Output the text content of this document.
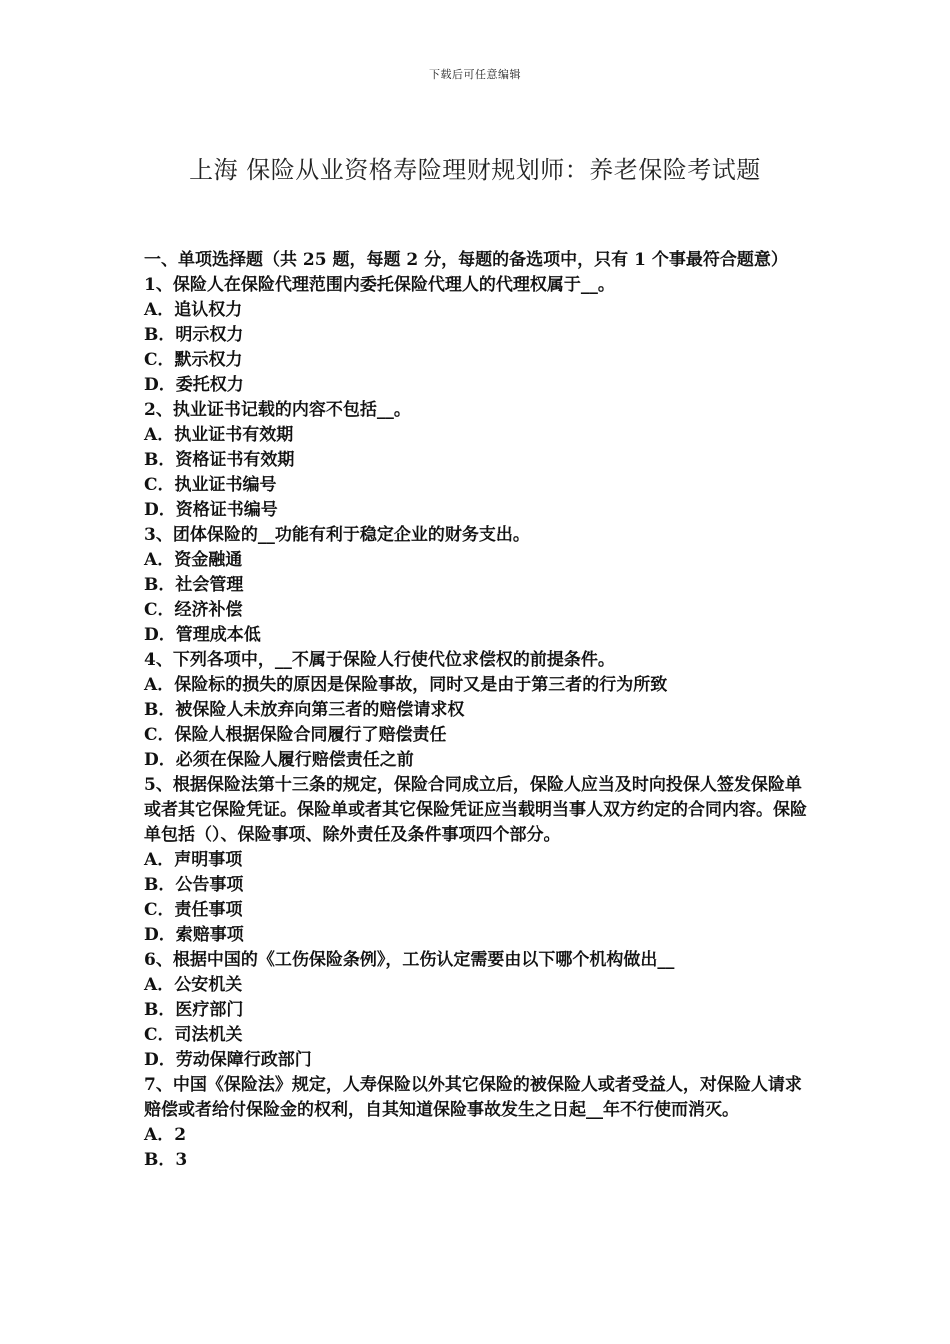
下载后可任意编辑
上海 保险从业资格寿险理财规划师：养老保险考试题

一、单项选择题（共 25 题，每题 2 分，每题的备选项中，只有 1 个事最符合题意）

1、保险人在保险代理范围内委托保险代理人的代理权属于__。

A．追认权力

B．明示权力

C．默示权力

D．委托权力

2、执业证书记载的内容不包括__。

A．执业证书有效期

B．资格证书有效期

C．执业证书编号

D．资格证书编号

3、团体保险的__功能有利于稳定企业的财务支出。

A．资金融通

B．社会管理

C．经济补偿

D．管理成本低

4、下列各项中，__不属于保险人行使代位求偿权的前提条件。

A．保险标的损失的原因是保险事故，同时又是由于第三者的行为所致

B．被保险人未放弃向第三者的赔偿请求权

C．保险人根据保险合同履行了赔偿责任

D．必须在保险人履行赔偿责任之前

5、根据保险法第十三条的规定，保险合同成立后，保险人应当及时向投保人签发保险单或者其它保险凭证。保险单或者其它保险凭证应当载明当事人双方约定的合同内容。保险单包括（）、保险事项、除外责任及条件事项四个部分。

A．声明事项

B．公告事项

C．责任事项

D．索赔事项

6、根据中国的《工伤保险条例》，工伤认定需要由以下哪个机构做出__

A．公安机关

B．医疗部门

C．司法机关

D．劳动保障行政部门

7、中国《保险法》规定，人寿保险以外其它保险的被保险人或者受益人，对保险人请求赔偿或者给付保险金的权利，自其知道保险事故发生之日起__年不行使而消灭。

A．2

B．3
